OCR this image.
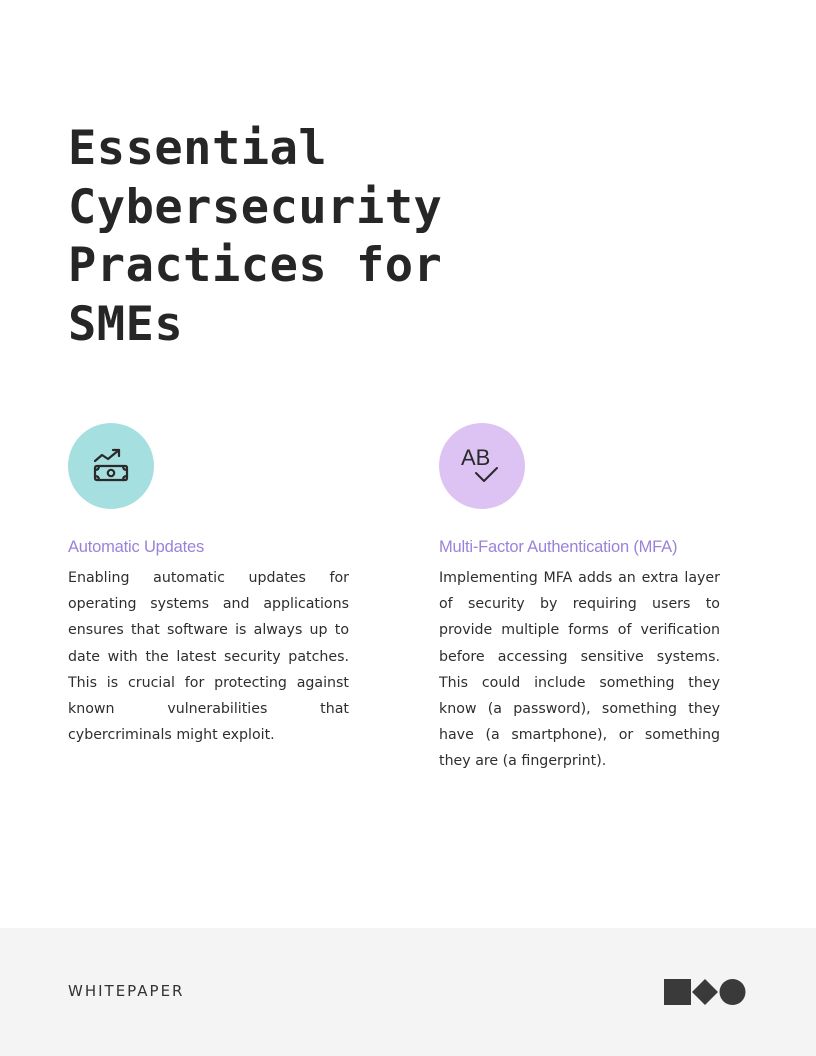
Essential
Cybersecurity
Practices for
SMEs
Automatic Updates

Enabling automatic updates for operating systems and applications ensures that software is always up to date with the latest security patches. This is crucial for protecting against known vulnerabilities that cybercriminals might exploit.

AB
Multi-Factor Authentication (MFA)

Implementing MFA adds an extra layer of security by requiring users to provide multiple forms of verification before accessing sensitive systems. This could include something they know (a password), something they have (a smartphone), or something they are (a fingerprint).

WHITEPAPER
